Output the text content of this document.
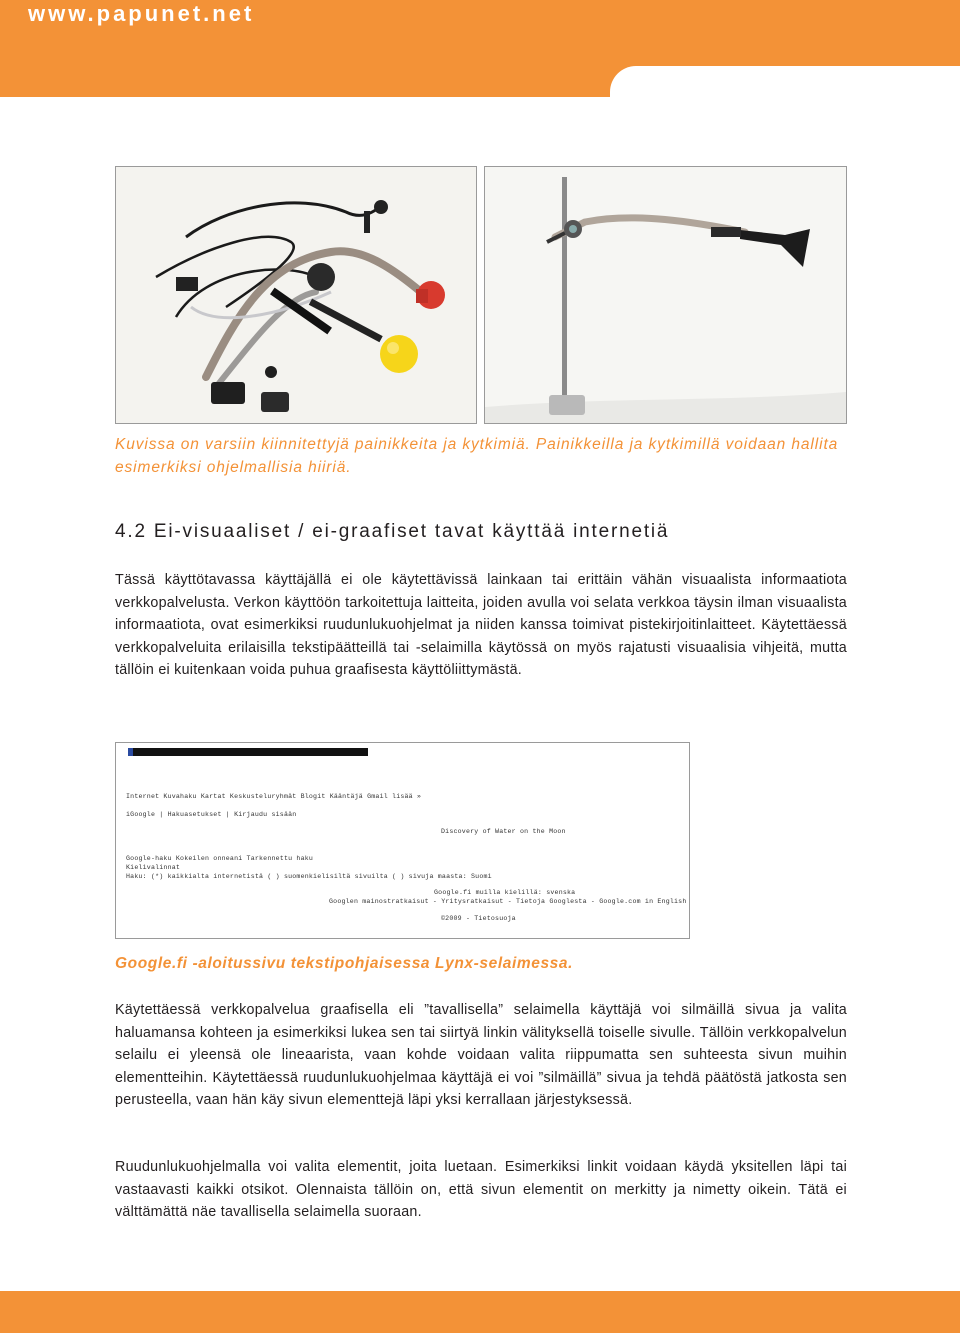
www.papunet.net
Kuvissa on varsiin kiinnitettyjä painikkeita ja kytkimiä. Painikkeilla ja kytkimillä voidaan hallita esimerkiksi ohjelmallisia hiiriä.
4.2 Ei-visuaaliset / ei-graafiset tavat käyttää internetiä
Tässä käyttötavassa käyttäjällä ei ole käytettävissä lainkaan tai erittäin vähän visuaalista informaatiota verkkopalvelusta. Verkon käyttöön tarkoitettuja laitteita, joiden avulla voi selata verkkoa täysin ilman visuaalista informaatiota, ovat esimerkiksi ruudunlukuohjelmat ja niiden kanssa toimivat pistekirjoitinlaitteet. Käytettäessä verkkopalveluita erilaisilla tekstipäätteillä tai -selaimilla käytössä on myös rajatusti visuaalisia vihjeitä, mutta tällöin ei kuitenkaan voida puhua graafisesta käyttöliittymästä.
Internet Kuvahaku Kartat Keskusteluryhmät Blogit Kääntäjä Gmail lisää »
iGoogle | Hakuasetukset | Kirjaudu sisään
Discovery of Water on the Moon
Google-haku Kokeilen onneani Tarkennettu haku
Kielivalinnat
Haku: (*) kaikkialta internetistä ( ) suomenkielisiltä sivuilta ( ) sivuja maasta: Suomi
Google.fi muilla kielillä: svenska
Googlen mainostratkaisut - Yritysratkaisut - Tietoja Googlesta - Google.com in English
©2009 - Tietosuoja
Google.fi -aloitussivu tekstipohjaisessa Lynx-selaimessa.
Käytettäessä verkkopalvelua graafisella eli ”tavallisella” selaimella käyttäjä voi silmäillä sivua ja valita haluamansa kohteen ja esimerkiksi lukea sen tai siirtyä linkin välityksellä toiselle sivulle. Tällöin verkkopalvelun selailu ei yleensä ole lineaarista, vaan kohde voidaan valita riippumatta sen suhteesta sivun muihin elementteihin. Käytettäessä ruudunlukuohjelmaa käyttäjä ei voi ”silmäillä” sivua ja tehdä päätöstä jatkosta sen perusteella, vaan hän käy sivun elementtejä läpi yksi kerrallaan järjestyksessä.
Ruudunlukuohjelmalla voi valita elementit, joita luetaan. Esimerkiksi linkit voidaan käydä yksitellen läpi tai vastaavasti kaikki otsikot. Olennaista tällöin on, että sivun elementit on merkitty ja nimetty oikein. Tätä ei välttämättä näe tavallisella selaimella suoraan.
